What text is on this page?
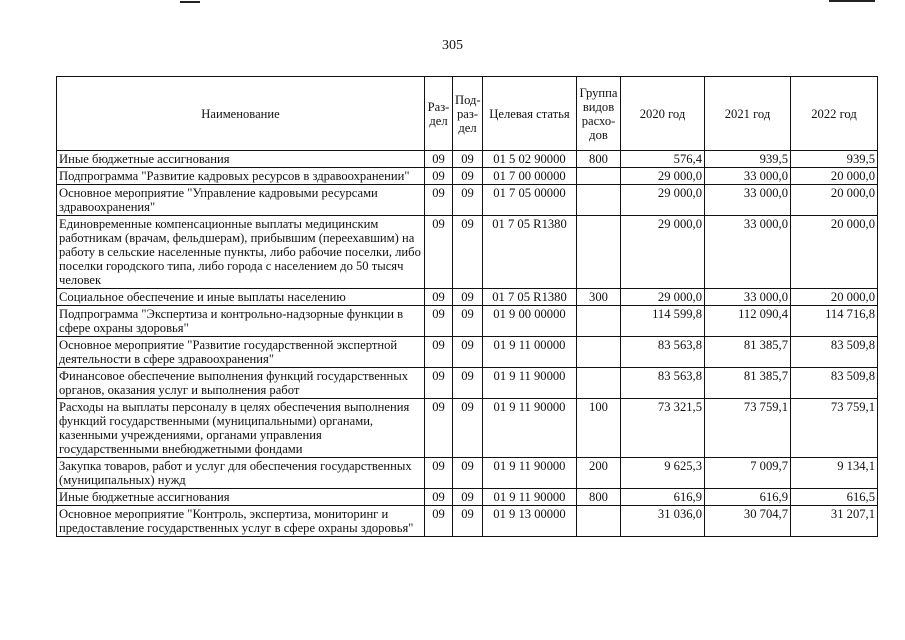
305
Наименование	Раз-дел	Под-раз-дел	Целевая статья	Группа видов расхо-дов	2020 год	2021 год	2022 год
Иные бюджетные ассигнования	09	09	01 5 02 90000	800	576,4	939,5	939,5
Подпрограмма "Развитие кадровых ресурсов в здравоохранении"	09	09	01 7 00 00000		29 000,0	33 000,0	20 000,0
Основное мероприятие "Управление кадровыми ресурсами здравоохранения"	09	09	01 7 05 00000		29 000,0	33 000,0	20 000,0
Единовременные компенсационные выплаты медицинским работникам (врачам, фельдшерам), прибывшим (переехавшим) на работу в сельские населенные пункты, либо рабочие поселки, либо поселки городского типа, либо города с населением до 50 тысяч человек	09	09	01 7 05 R1380		29 000,0	33 000,0	20 000,0
Социальное обеспечение и иные выплаты населению	09	09	01 7 05 R1380	300	29 000,0	33 000,0	20 000,0
Подпрограмма "Экспертиза и контрольно-надзорные функции в сфере охраны здоровья"	09	09	01 9 00 00000		114 599,8	112 090,4	114 716,8
Основное мероприятие "Развитие государственной экспертной деятельности в сфере здравоохранения"	09	09	01 9 11 00000		83 563,8	81 385,7	83 509,8
Финансовое обеспечение выполнения функций государственных органов, оказания услуг и выполнения работ	09	09	01 9 11 90000		83 563,8	81 385,7	83 509,8
Расходы на выплаты персоналу в целях обеспечения выполнения функций государственными (муниципальными) органами, казенными учреждениями, органами управления государственными внебюджетными фондами	09	09	01 9 11 90000	100	73 321,5	73 759,1	73 759,1
Закупка товаров, работ и услуг для обеспечения государственных (муниципальных) нужд	09	09	01 9 11 90000	200	9 625,3	7 009,7	9 134,1
Иные бюджетные ассигнования	09	09	01 9 11 90000	800	616,9	616,9	616,5
Основное мероприятие "Контроль, экспертиза, мониторинг и предоставление государственных услуг в сфере охраны здоровья"	09	09	01 9 13 00000		31 036,0	30 704,7	31 207,1
